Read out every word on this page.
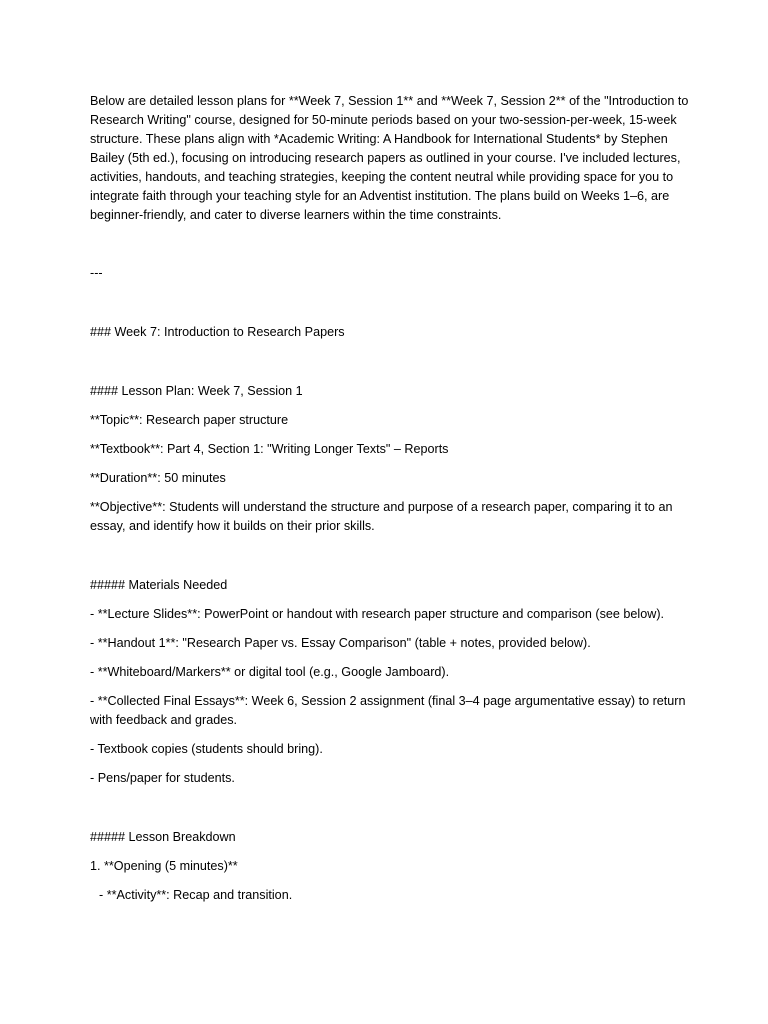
Below are detailed lesson plans for **Week 7, Session 1** and **Week 7, Session 2** of the "Introduction to Research Writing" course, designed for 50-minute periods based on your two-session-per-week, 15-week structure. These plans align with *Academic Writing: A Handbook for International Students* by Stephen Bailey (5th ed.), focusing on introducing research papers as outlined in your course. I've included lectures, activities, handouts, and teaching strategies, keeping the content neutral while providing space for you to integrate faith through your teaching style for an Adventist institution. The plans build on Weeks 1–6, are beginner-friendly, and cater to diverse learners within the time constraints.

---

### Week 7: Introduction to Research Papers

#### Lesson Plan: Week 7, Session 1

**Topic**: Research paper structure

**Textbook**: Part 4, Section 1: "Writing Longer Texts" – Reports

**Duration**: 50 minutes

**Objective**: Students will understand the structure and purpose of a research paper, comparing it to an essay, and identify how it builds on their prior skills.

##### Materials Needed

- **Lecture Slides**: PowerPoint or handout with research paper structure and comparison (see below).

- **Handout 1**: "Research Paper vs. Essay Comparison" (table + notes, provided below).

- **Whiteboard/Markers** or digital tool (e.g., Google Jamboard).

- **Collected Final Essays**: Week 6, Session 2 assignment (final 3–4 page argumentative essay) to return with feedback and grades.

- Textbook copies (students should bring).

- Pens/paper for students.

##### Lesson Breakdown

1. **Opening (5 minutes)**

- **Activity**: Recap and transition.
